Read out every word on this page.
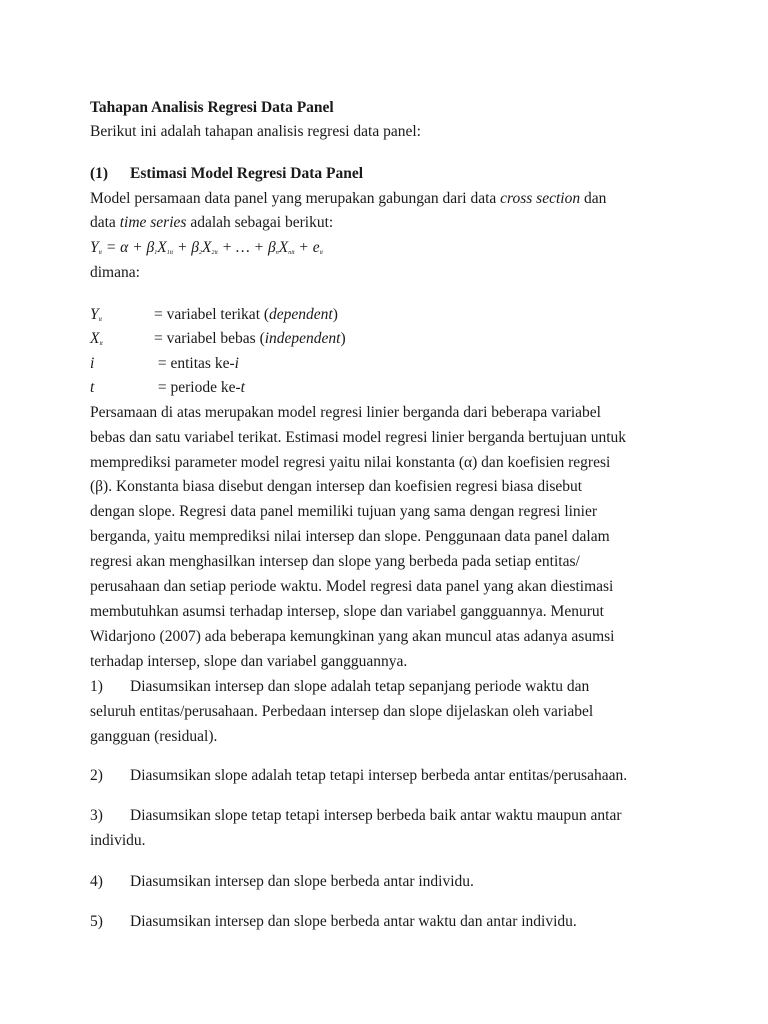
Tahapan Analisis Regresi Data Panel
Berikut ini adalah tahapan analisis regresi data panel:
(1) Estimasi Model Regresi Data Panel
Model persamaan data panel yang merupakan gabungan dari data cross section dan
data time series adalah sebagai berikut:
$Y_{it} = \alpha + \beta_1X_{1it} + \beta_2X_{2it}$ + … + $\beta_nX_{nit} + e_{it}$
dimana:
$Y_{it}$	= variabel terikat (dependent)
$X_{it}$	= variabel bebas (independent)
i	= entitas ke-i
t	= periode ke-t
Persamaan di atas merupakan model regresi linier berganda dari beberapa variabel
bebas dan satu variabel terikat. Estimasi model regresi linier berganda bertujuan untuk
memprediksi parameter model regresi yaitu nilai konstanta (α) dan koefisien regresi
(β). Konstanta biasa disebut dengan intersep dan koefisien regresi biasa disebut
dengan slope. Regresi data panel memiliki tujuan yang sama dengan regresi linier
berganda, yaitu memprediksi nilai intersep dan slope. Penggunaan data panel dalam
regresi akan menghasilkan intersep dan slope yang berbeda pada setiap entitas/
perusahaan dan setiap periode waktu. Model regresi data panel yang akan diestimasi
membutuhkan asumsi terhadap intersep, slope dan variabel gangguannya. Menurut
Widarjono (2007) ada beberapa kemungkinan yang akan muncul atas adanya asumsi
terhadap intersep, slope dan variabel gangguannya.
1) Diasumsikan intersep dan slope adalah tetap sepanjang periode waktu dan
seluruh entitas/perusahaan. Perbedaan intersep dan slope dijelaskan oleh variabel
gangguan (residual).
2) Diasumsikan slope adalah tetap tetapi intersep berbeda antar entitas/perusahaan.
3) Diasumsikan slope tetap tetapi intersep berbeda baik antar waktu maupun antar
individu.
4) Diasumsikan intersep dan slope berbeda antar individu.
5) Diasumsikan intersep dan slope berbeda antar waktu dan antar individu.
